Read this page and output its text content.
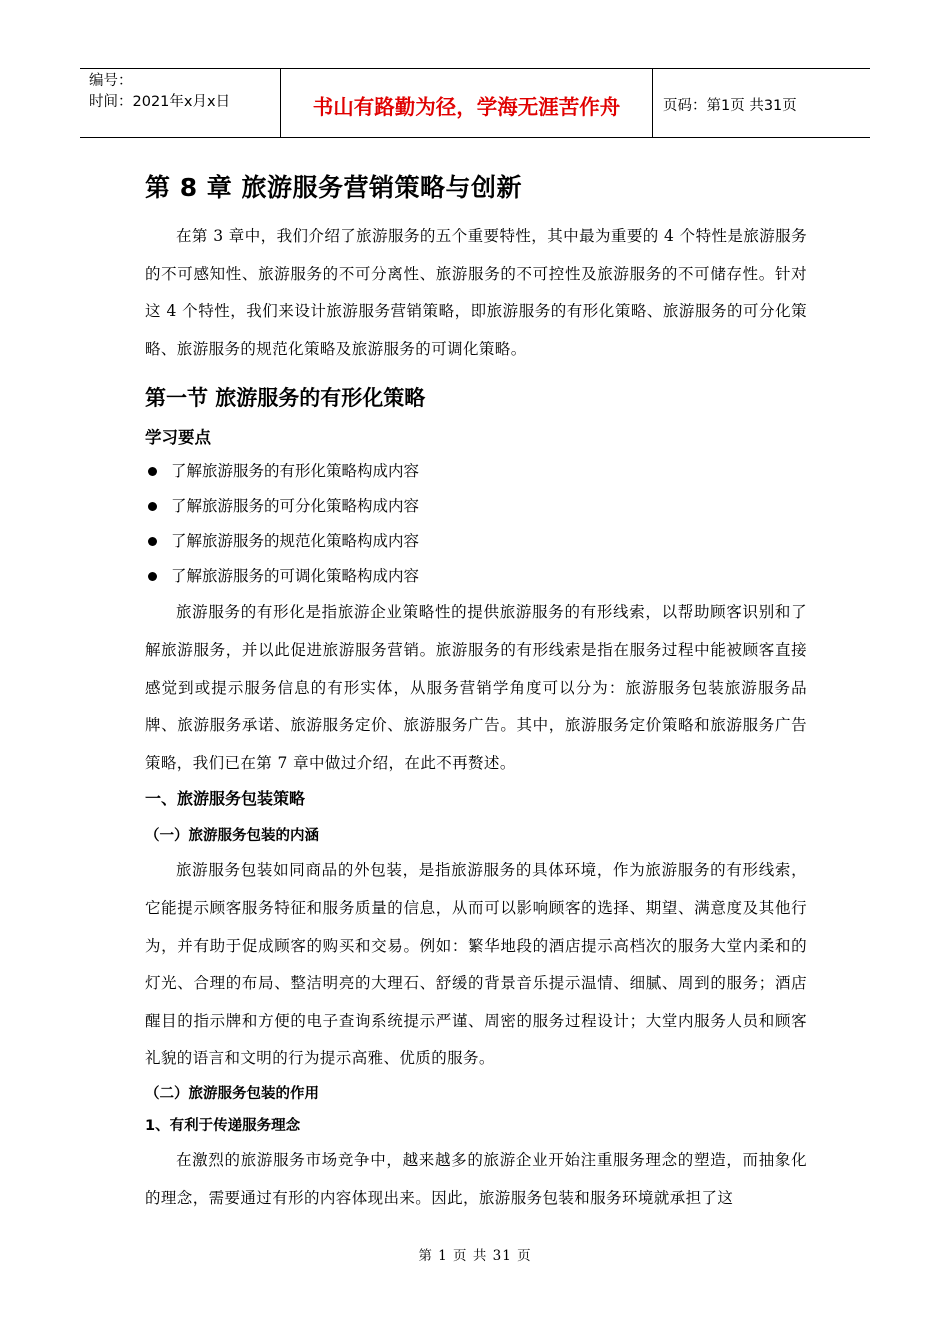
编号：
时间：2021年x月x日	书山有路勤为径，学海无涯苦作舟	页码：第1页 共31页
第 8 章 旅游服务营销策略与创新

在第 3 章中，我们介绍了旅游服务的五个重要特性，其中最为重要的 4 个特性是旅游服务的不可感知性、旅游服务的不可分离性、旅游服务的不可控性及旅游服务的不可储存性。针对这 4 个特性，我们来设计旅游服务营销策略，即旅游服务的有形化策略、旅游服务的可分化策略、旅游服务的规范化策略及旅游服务的可调化策略。

第一节 旅游服务的有形化策略
学习要点
了解旅游服务的有形化策略构成内容
了解旅游服务的可分化策略构成内容
了解旅游服务的规范化策略构成内容
了解旅游服务的可调化策略构成内容

旅游服务的有形化是指旅游企业策略性的提供旅游服务的有形线索，以帮助顾客识别和了解旅游服务，并以此促进旅游服务营销。旅游服务的有形线索是指在服务过程中能被顾客直接感觉到或提示服务信息的有形实体，从服务营销学角度可以分为：旅游服务包装旅游服务品牌、旅游服务承诺、旅游服务定价、旅游服务广告。其中，旅游服务定价策略和旅游服务广告策略，我们已在第 7 章中做过介绍，在此不再赘述。

一、旅游服务包装策略
（一）旅游服务包装的内涵

旅游服务包装如同商品的外包装，是指旅游服务的具体环境，作为旅游服务的有形线索，它能提示顾客服务特征和服务质量的信息，从而可以影响顾客的选择、期望、满意度及其他行为，并有助于促成顾客的购买和交易。例如：繁华地段的酒店提示高档次的服务大堂内柔和的灯光、合理的布局、整洁明亮的大理石、舒缓的背景音乐提示温情、细腻、周到的服务；酒店醒目的指示牌和方便的电子查询系统提示严谨、周密的服务过程设计；大堂内服务人员和顾客礼貌的语言和文明的行为提示高雅、优质的服务。

（二）旅游服务包装的作用
1、有利于传递服务理念

在激烈的旅游服务市场竞争中，越来越多的旅游企业开始注重服务理念的塑造，而抽象化的理念，需要通过有形的内容体现出来。因此，旅游服务包装和服务环境就承担了这

第 1 页 共 31 页
